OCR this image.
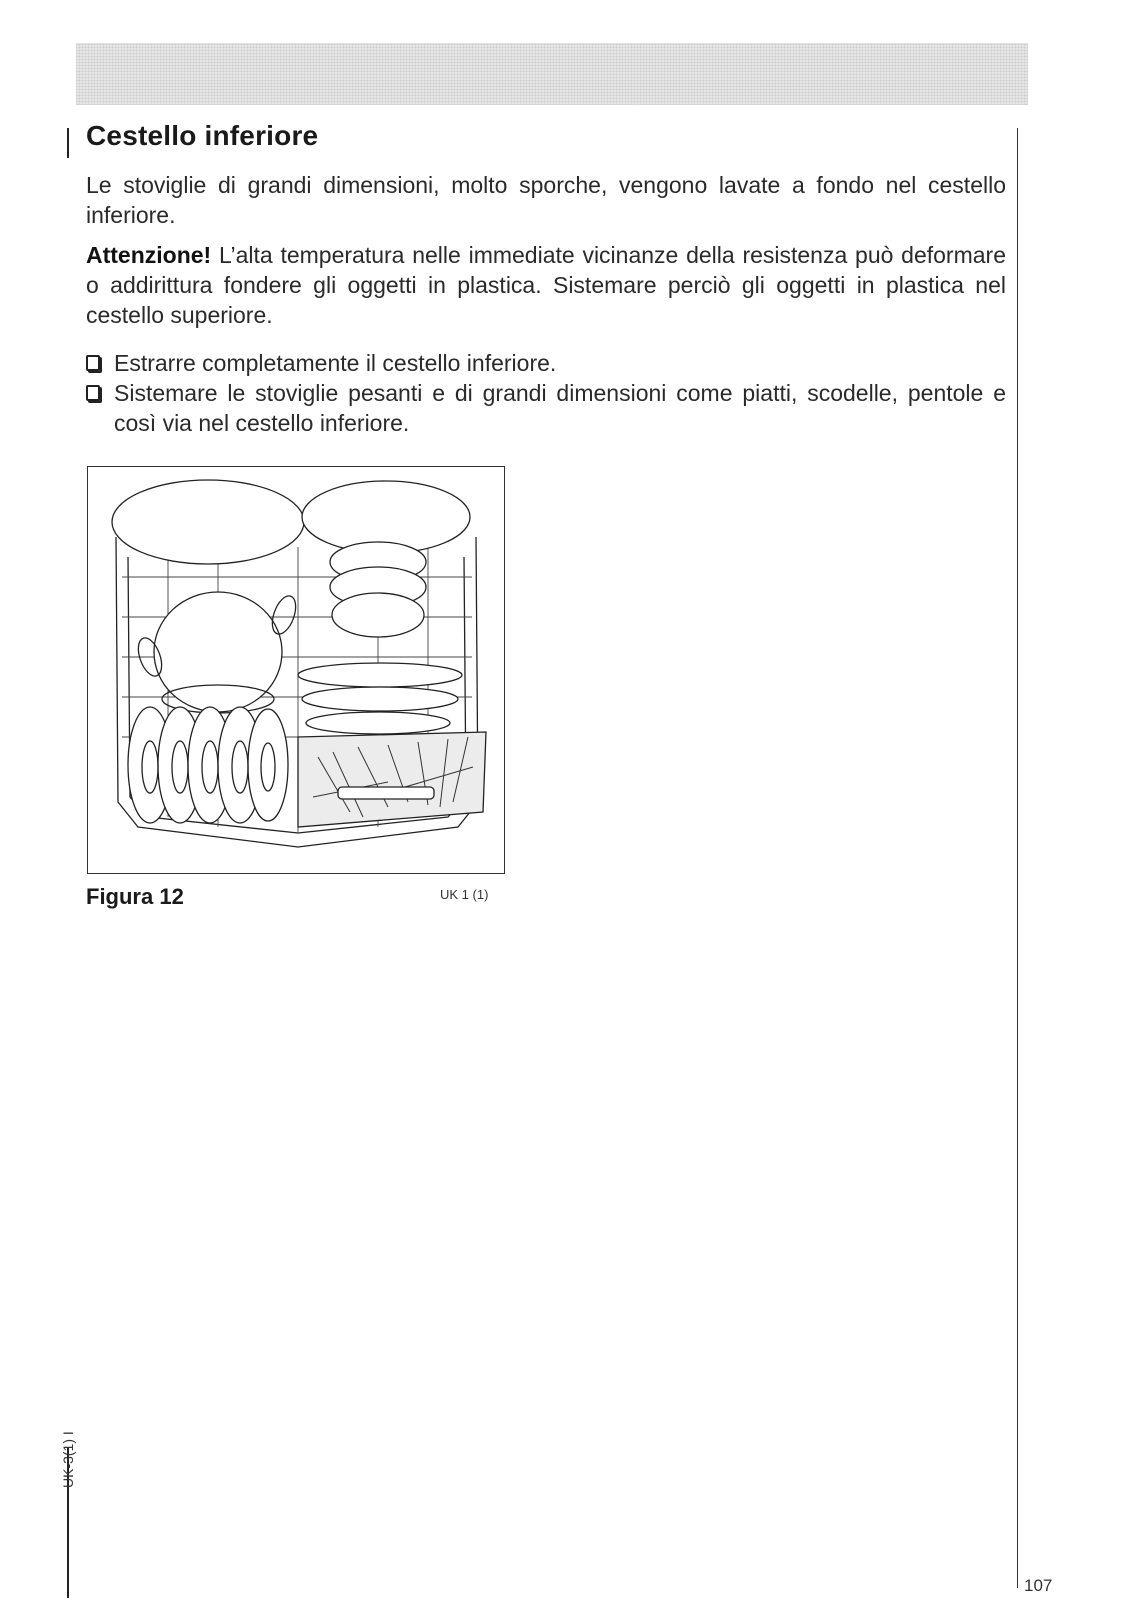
Cestello inferiore

Le stoviglie di grandi dimensioni, molto sporche, vengono lavate a fondo nel cestello inferiore.

Attenzione! L’alta temperatura nelle immediate vicinanze della resistenza può deformare o addirittura fondere gli oggetti in plastica. Sistemare perciò gli oggetti in plastica nel cestello superiore.

Estrarre completamente il cestello inferiore.
Sistemare le stoviglie pesanti e di grandi dimensioni come piatti, scodelle, pentole e così via nel cestello inferiore.

Figura 12	UK 1 (1)
107
UK-3(1) I
